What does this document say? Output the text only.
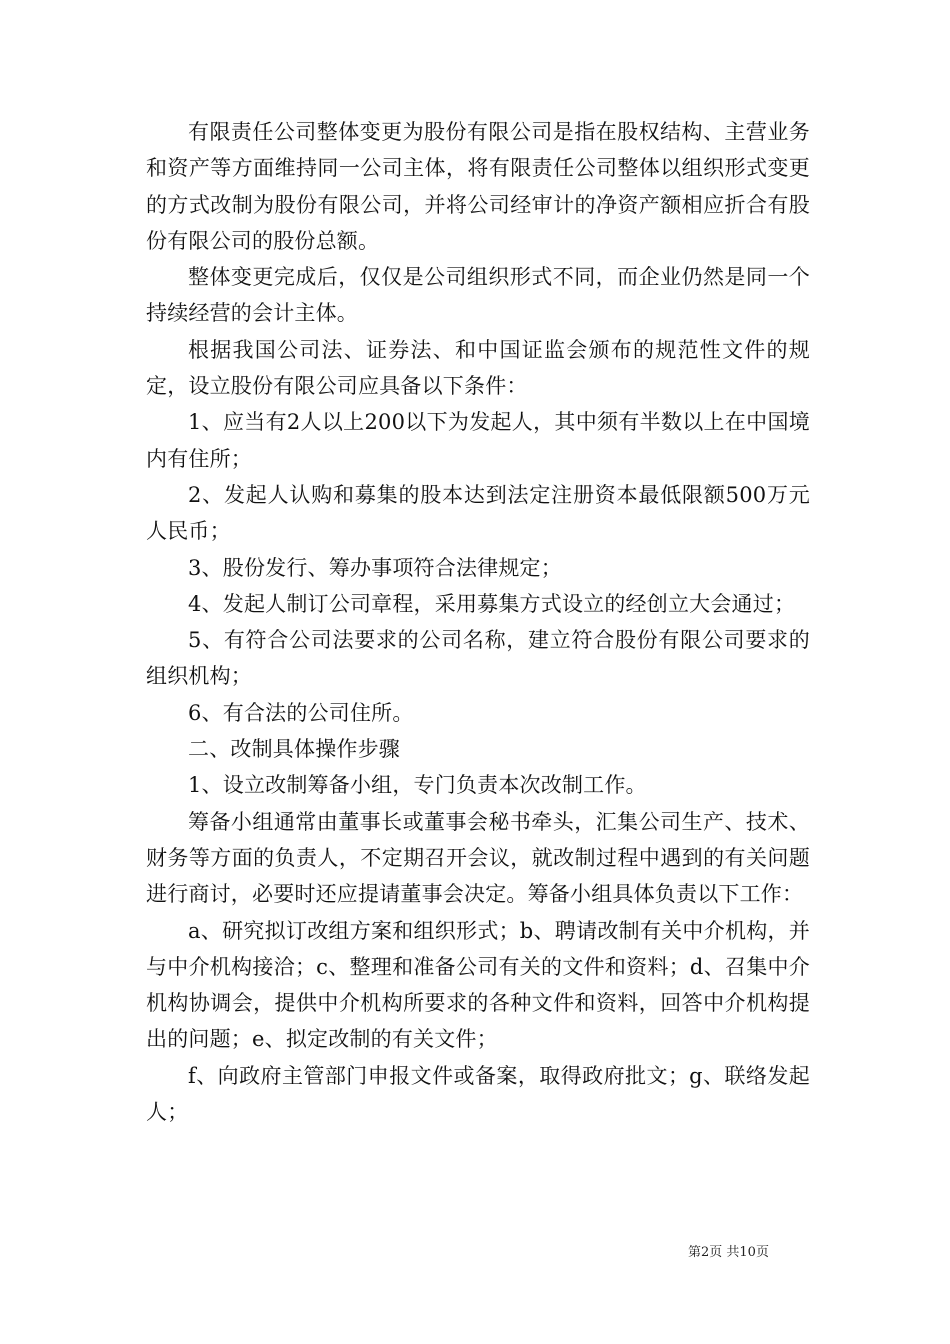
有限责任公司整体变更为股份有限公司是指在股权结构、主营业务和资产等方面维持同一公司主体，将有限责任公司整体以组织形式变更的方式改制为股份有限公司，并将公司经审计的净资产额相应折合有股份有限公司的股份总额。

整体变更完成后，仅仅是公司组织形式不同，而企业仍然是同一个持续经营的会计主体。

根据我国公司法、证券法、和中国证监会颁布的规范性文件的规定，设立股份有限公司应具备以下条件：

1、应当有2人以上200以下为发起人，其中须有半数以上在中国境内有住所；

2、发起人认购和募集的股本达到法定注册资本最低限额500万元人民币；

3、股份发行、筹办事项符合法律规定；

4、发起人制订公司章程，采用募集方式设立的经创立大会通过；

5、有符合公司法要求的公司名称，建立符合股份有限公司要求的组织机构；

6、有合法的公司住所。

二、改制具体操作步骤

1、设立改制筹备小组，专门负责本次改制工作。

筹备小组通常由董事长或董事会秘书牵头，汇集公司生产、技术、财务等方面的负责人，不定期召开会议，就改制过程中遇到的有关问题进行商讨，必要时还应提请董事会决定。筹备小组具体负责以下工作：

a、研究拟订改组方案和组织形式；b、聘请改制有关中介机构，并与中介机构接洽；c、整理和准备公司有关的文件和资料；d、召集中介机构协调会，提供中介机构所要求的各种文件和资料，回答中介机构提出的问题；e、拟定改制的有关文件；

f、向政府主管部门申报文件或备案，取得政府批文；g、联络发起人；

第2页 共10页
